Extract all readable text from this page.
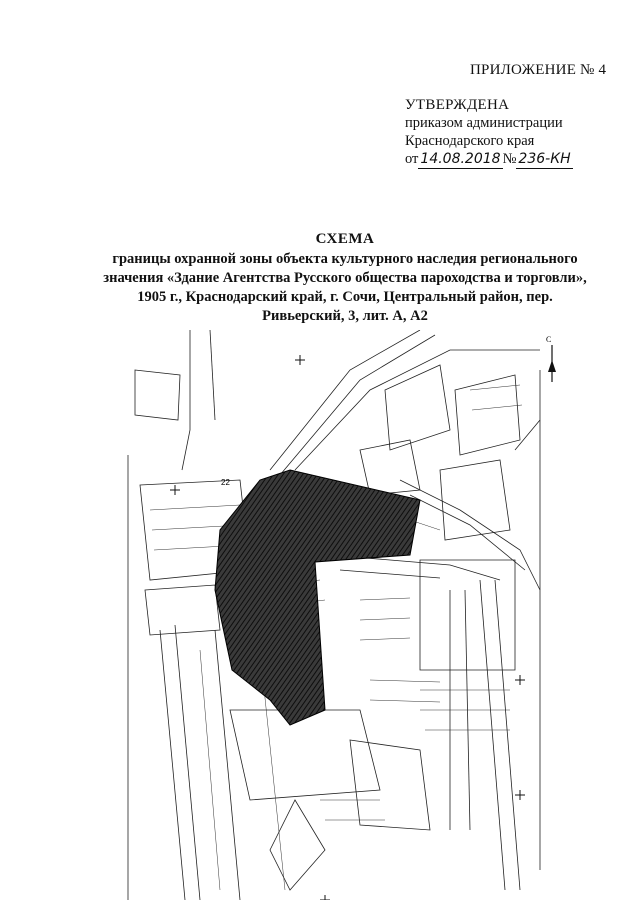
ПРИЛОЖЕНИЕ № 4
УТВЕРЖДЕНА
приказом администрации
Краснодарского края
от 14.08.2018 № 236-КН
СХЕМА
границы охранной зоны объекта культурного наследия регионального
значения «Здание Агентства Русского общества пароходства и торговли»,
1905 г., Краснодарский край, г. Сочи, Центральный район, пер.
Ривьерский, 3, лит. А, А2
С
22
